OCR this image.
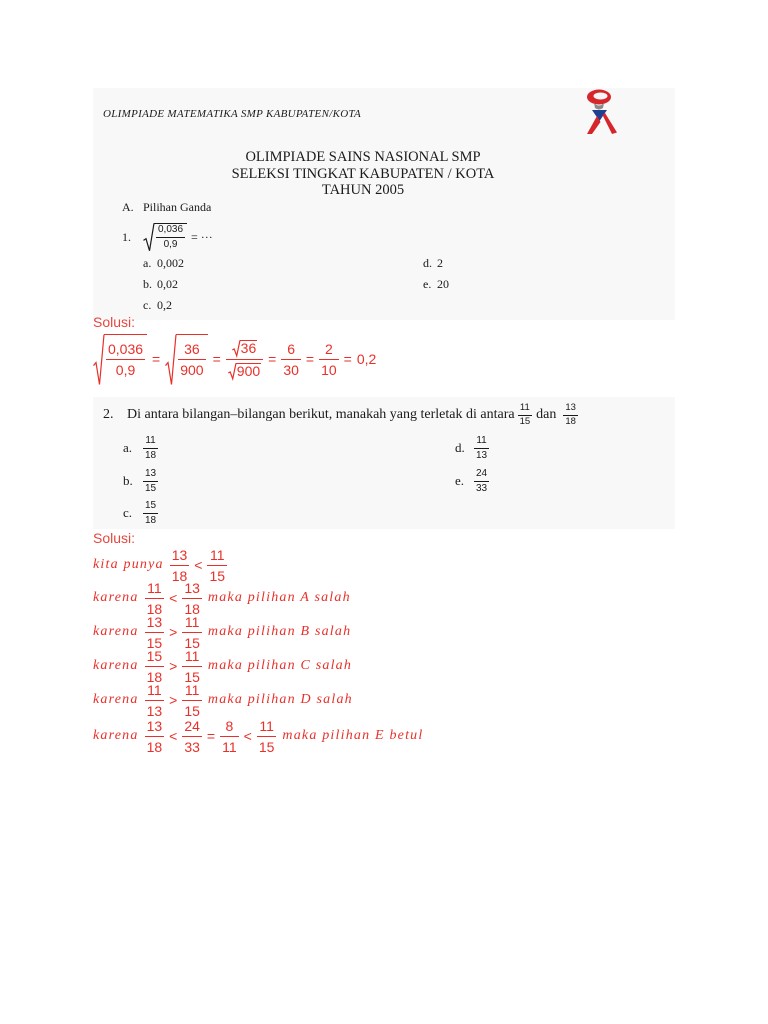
OLIMPIADE MATEMATIKA SMP KABUPATEN/KOTA
OLIMPIADE SAINS NASIONAL SMP
SELEKSI TINGKAT KABUPATEN / KOTA
TAHUN 2005
A. Pilihan Ganda
1.	$\frac{0,036}{0,9}$ = ···
a. 0,002
b. 0,02
c. 0,2
d. 2
e. 20
Solusi:
$\frac{0,036}{0,9} = \frac{36}{900} = \frac{36}{900} = \frac{6}{30} = \frac{2}{10} = 0,2$
2. Di antara bilangan–bilangan berikut, manakah yang terletak di antara $\frac{11}{15}$ dan $\frac{13}{18}$
a.	$\frac{11}{18}$
b.	$\frac{13}{15}$
c.	$\frac{15}{18}$
d. $\frac{11}{13}$
e. $\frac{24}{33}$
Solusi:
kita punya $\frac{13}{18} < \frac{11}{15}$
karena $\frac{11}{18} < \frac{13}{18}$ maka pilihan A salah
karena $\frac{13}{15} > \frac{11}{15}$ maka pilihan B salah
karena $\frac{15}{18} > \frac{11}{15}$ maka pilihan C salah
karena $\frac{11}{13} > \frac{11}{15}$ maka pilihan D salah
karena $\frac{13}{18} < \frac{24}{33} = \frac{8}{11} < \frac{11}{15}$ maka pilihan E betul
